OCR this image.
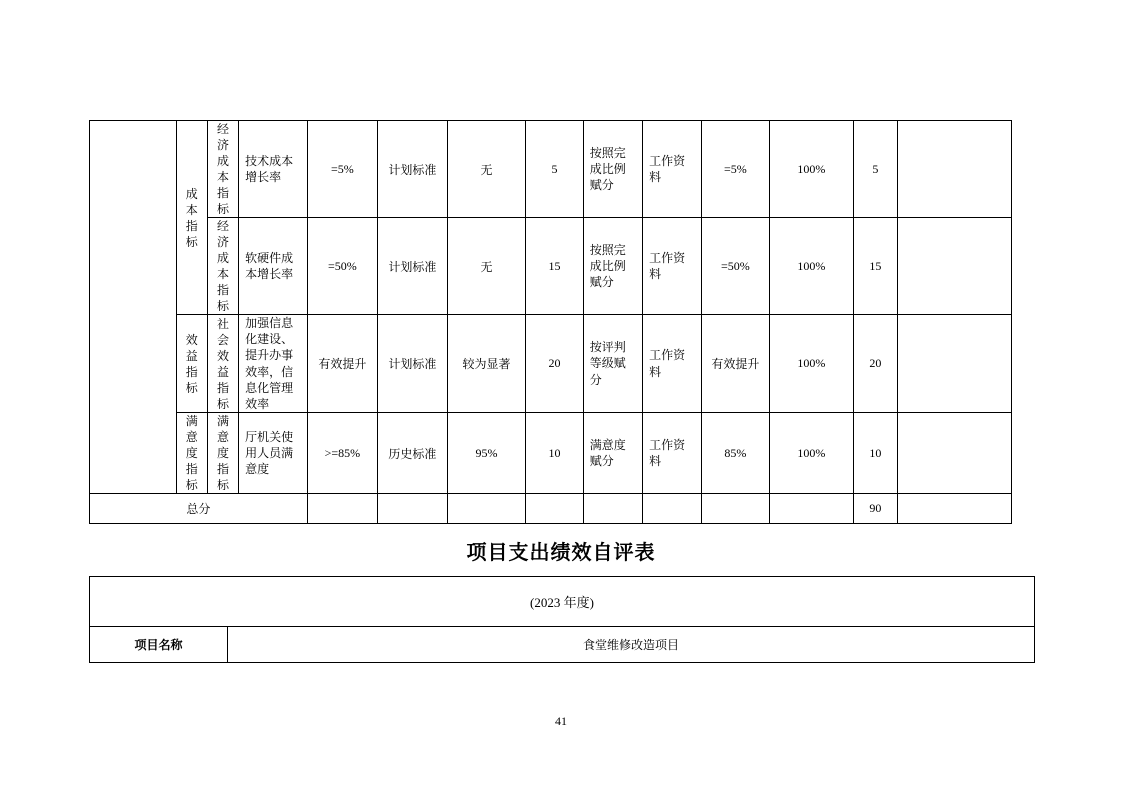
	成本指标	经济成本指标	技术成本增长率	=5%	计划标准	无	5	按照完成比例赋分	工作资料	=5%	100%	5	
		经济成本指标	软硬件成本增长率	=50%	计划标准	无	15	按照完成比例赋分	工作资料	=50%	100%	15	
	效益指标	社会效益指标	加强信息化建设、提升办事效率，信息化管理效率	有效提升	计划标准	较为显著	20	按评判等级赋分	工作资料	有效提升	100%	20	
	满意度指标	满意度指标	厅机关使用人员满意度	>=85%	历史标准	95%	10	满意度赋分	工作资料	85%	100%	10	
总分												90	
项目支出绩效自评表
(2023 年度)
项目名称	食堂维修改造项目
41
